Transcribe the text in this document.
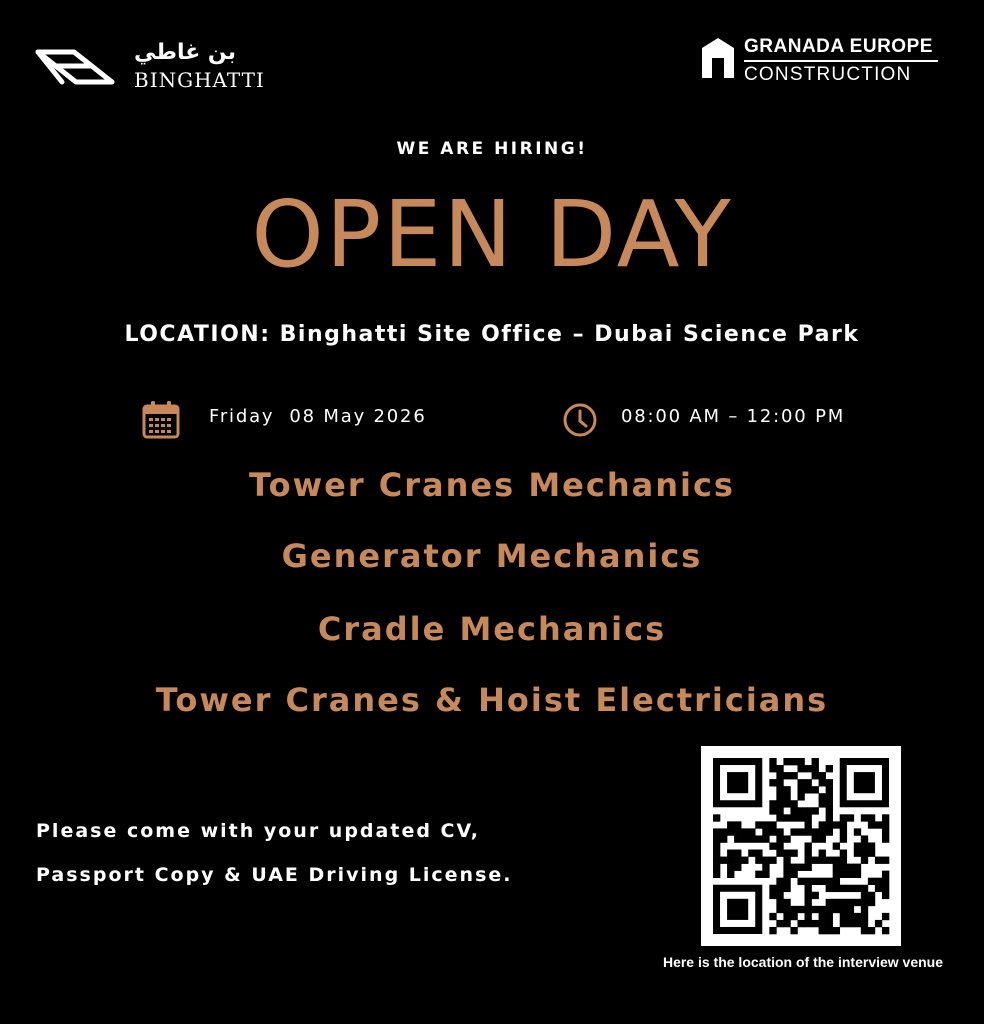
بن غاطي
BINGHATTI
GRANADA EUROPE
CONSTRUCTION
WE ARE HIRING!
OPEN DAY
LOCATION: Binghatti Site Office – Dubai Science Park
Friday  08 May 2026	08:00 AM – 12:00 PM
Tower Cranes Mechanics
Generator Mechanics
Cradle Mechanics
Tower Cranes & Hoist Electricians
Please come with your updated CV,
Passport Copy & UAE Driving License.
Here is the location of the interview venue
